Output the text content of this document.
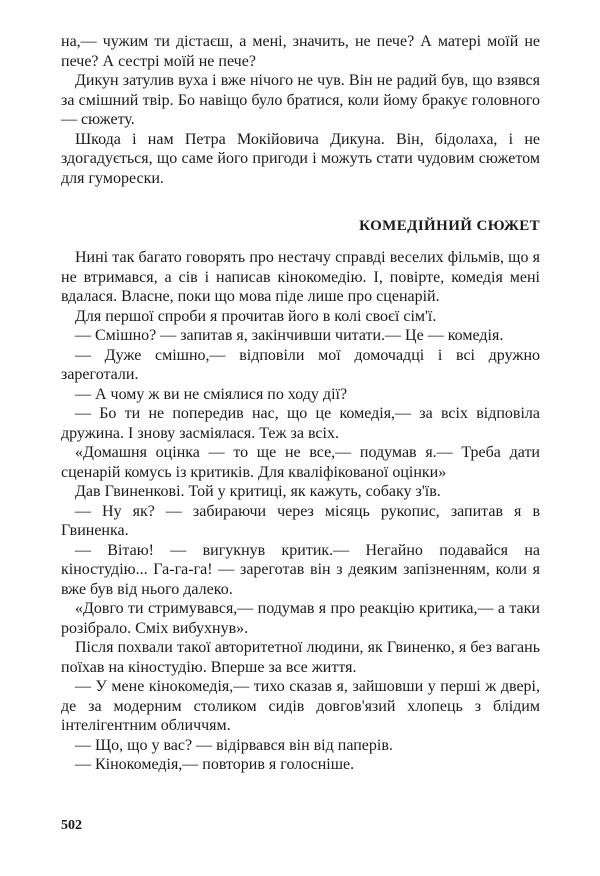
на,— чужим ти дістаєш, а мені, значить, не пече? А матері моїй не пече? А сестрі моїй не пече?

Дикун затулив вуха і вже нічого не чув. Він не радий був, що взявся за смішний твір. Бо навіщо було братися, коли йому бракує головного — сюжету.

Шкода і нам Петра Мокійовича Дикуна. Він, бідолаха, і не здогадується, що саме його пригоди і можуть стати чудовим сюжетом для гуморески.

КОМЕДІЙНИЙ СЮЖЕТ

Нині так багато говорять про нестачу справді веселих фільмів, що я не втримався, а сів і написав кінокомедію. І, повірте, комедія мені вдалася. Власне, поки що мова піде лише про сценарій.

Для першої спроби я прочитав його в колі своєї сім'ї.

— Смішно? — запитав я, закінчивши читати.— Це — комедія.

— Дуже смішно,— відповіли мої домочадці і всі дружно зареготали.

— А чому ж ви не сміялися по ходу дії?

— Бо ти не попередив нас, що це комедія,— за всіх відповіла дружина. І знову засміялася. Теж за всіх.

«Домашня оцінка — то ще не все,— подумав я.— Треба дати сценарій комусь із критиків. Для кваліфікованої оцінки»

Дав Гвиненкові. Той у критиці, як кажуть, собаку з'їв.

— Ну як? — забираючи через місяць рукопис, запитав я в Гвиненка.

— Вітаю! — вигукнув критик.— Негайно подавайся на кіностудію... Га-га-га! — зареготав він з деяким запізненням, коли я вже був від нього далеко.

«Довго ти стримувався,— подумав я про реакцію критика,— а таки розібрало. Сміх вибухнув».

Після похвали такої авторитетної людини, як Гвиненко, я без вагань поїхав на кіностудію. Вперше за все життя.

— У мене кінокомедія,— тихо сказав я, зайшовши у перші ж двері, де за модерним столиком сидів довгов'язий хлопець з блідим інтелігентним обличчям.

— Що, що у вас? — відірвався він від паперів.

— Кінокомедія,— повторив я голосніше.

502
